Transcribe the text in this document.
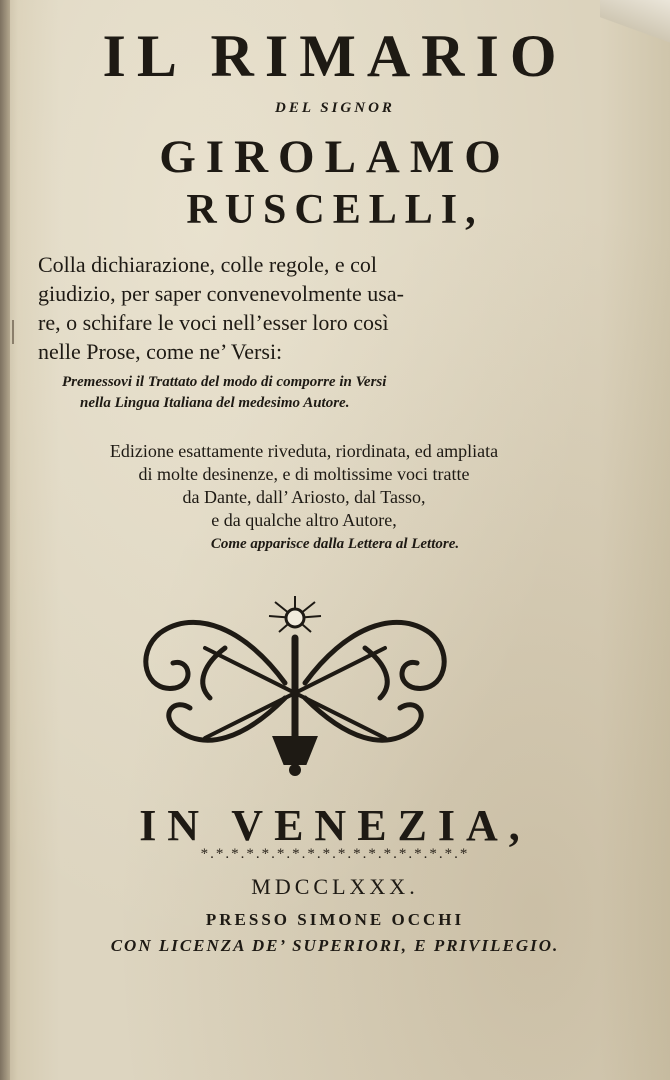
IL RIMARIO
DEL SIGNOR
GIROLAMO
RUSCELLI,
Colla dichiarazione, colle regole, e col
giudizio, per saper convenevolmente usa-
re, o schifare le voci nell’esser loro così
nelle Prose, come ne’ Versi:
Premessovi il Trattato del modo di comporre in Versi
nella Lingua Italiana del medesimo Autore.
Edizione esattamente riveduta, riordinata, ed ampliata
di molte desinenze, e di moltissime voci tratte
da Dante, dall’ Ariosto, dal Tasso,
e da qualche altro Autore,
Come apparisce dalla Lettera al Lettore.
IN VENEZIA,
*.*.*.*.*.*.*.*.*.*.*.*.*.*.*.*.*.*
MDCCLXXX.
PRESSO SIMONE OCCHI
CON LICENZA DE’ SUPERIORI, E PRIVILEGIO.
